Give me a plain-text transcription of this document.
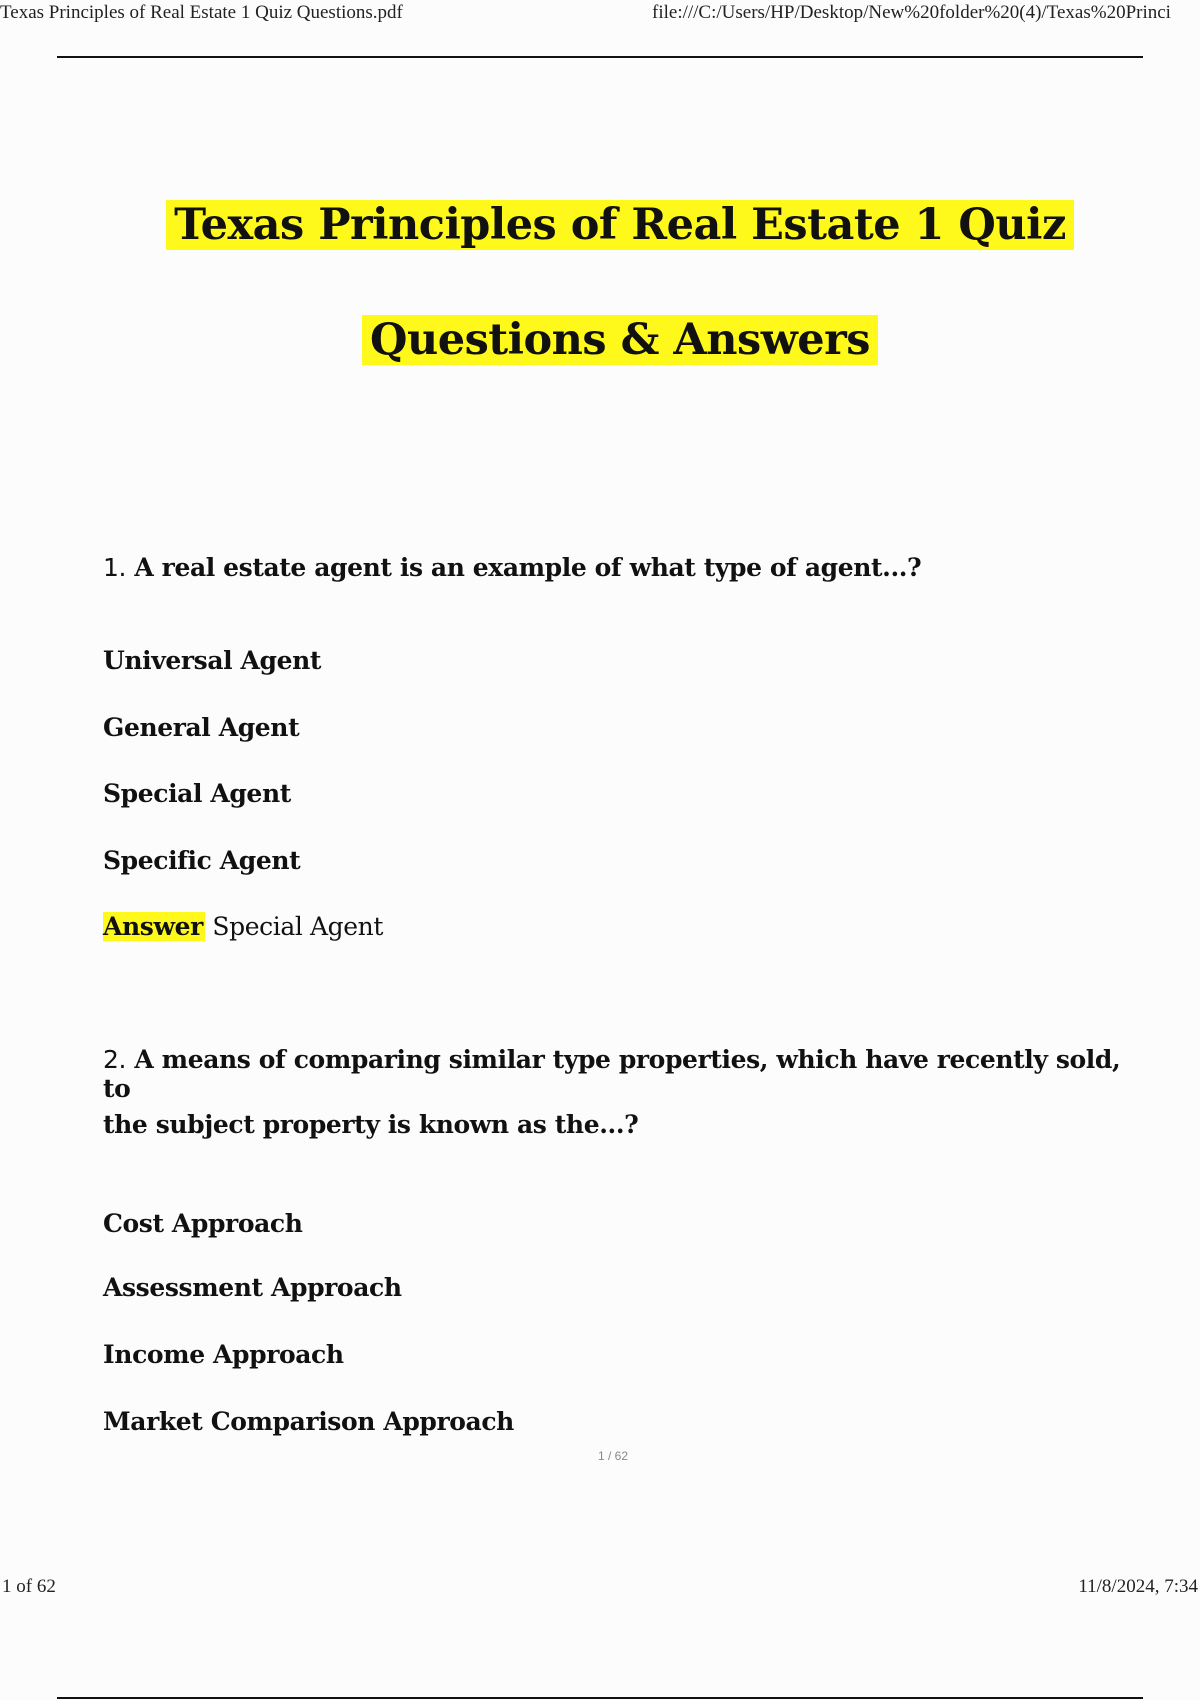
Texas Principles of Real Estate 1 Quiz Questions.pdf	file:///C:/Users/HP/Desktop/New%20folder%20(4)/Texas%20Princi
Texas Principles of Real Estate 1 Quiz
Questions & Answers
1. A real estate agent is an example of what type of agent...?
Universal Agent
General Agent
Special Agent
Specific Agent
Answer Special Agent
2. A means of comparing similar type properties, which have recently sold, to
the subject property is known as the...?
Cost Approach
Assessment Approach
Income Approach
Market Comparison Approach
1 / 62
1 of 62	11/8/2024, 7:34
